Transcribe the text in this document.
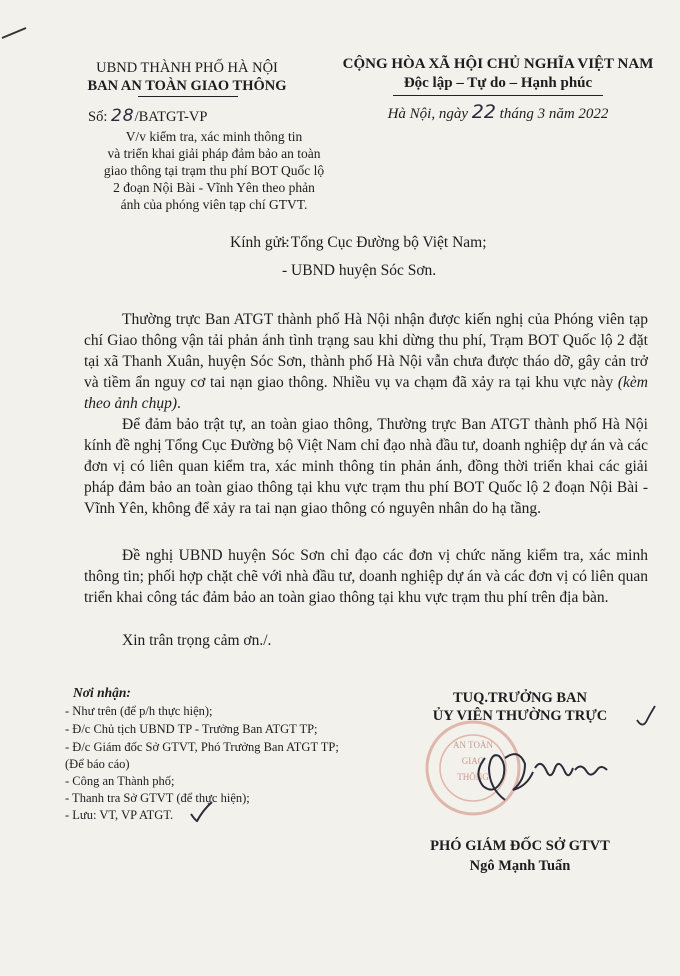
UBND THÀNH PHỐ HÀ NỘI
BAN AN TOÀN GIAO THÔNG
Số: 28/BATGT-VP
V/v kiểm tra, xác minh thông tin
và triển khai giải pháp đảm bảo an toàn
giao thông tại trạm thu phí BOT Quốc lộ
2 đoạn Nội Bài - Vĩnh Yên theo phản
ánh của phóng viên tạp chí GTVT.
CỘNG HÒA XÃ HỘI CHỦ NGHĨA VIỆT NAM
Độc lập – Tự do – Hạnh phúc
Hà Nội, ngày 22 tháng 3 năm 2022
Kính gửi:
- Tổng Cục Đường bộ Việt Nam;
- UBND huyện Sóc Sơn.
Thường trực Ban ATGT thành phố Hà Nội nhận được kiến nghị của Phóng viên tạp chí Giao thông vận tải phản ánh tình trạng sau khi dừng thu phí, Trạm BOT Quốc lộ 2 đặt tại xã Thanh Xuân, huyện Sóc Sơn, thành phố Hà Nội vẫn chưa được tháo dỡ, gây cản trở và tiềm ẩn nguy cơ tai nạn giao thông. Nhiều vụ va chạm đã xảy ra tại khu vực này (kèm theo ảnh chụp).
Để đảm bảo trật tự, an toàn giao thông, Thường trực Ban ATGT thành phố Hà Nội kính đề nghị Tổng Cục Đường bộ Việt Nam chỉ đạo nhà đầu tư, doanh nghiệp dự án và các đơn vị có liên quan kiểm tra, xác minh thông tin phản ánh, đồng thời triển khai các giải pháp đảm bảo an toàn giao thông tại khu vực trạm thu phí BOT Quốc lộ 2 đoạn Nội Bài - Vĩnh Yên, không để xảy ra tai nạn giao thông có nguyên nhân do hạ tầng.
Đề nghị UBND huyện Sóc Sơn chỉ đạo các đơn vị chức năng kiểm tra, xác minh thông tin; phối hợp chặt chẽ với nhà đầu tư, doanh nghiệp dự án và các đơn vị có liên quan triển khai công tác đảm bảo an toàn giao thông tại khu vực trạm thu phí trên địa bàn.
Xin trân trọng cảm ơn./.
Nơi nhận:
- Như trên (để p/h thực hiện);
- Đ/c Chủ tịch UBND TP - Trưởng Ban ATGT TP;
- Đ/c Giám đốc Sở GTVT, Phó Trưởng Ban ATGT TP;
(Để báo cáo)
- Công an Thành phố;
- Thanh tra Sở GTVT (để thực hiện);
- Lưu: VT, VP ATGT.
TUQ.TRƯỞNG BAN
ỦY VIÊN THƯỜNG TRỰC
AN TOÀN
GIAO
THÔNG
PHÓ GIÁM ĐỐC SỞ GTVT
Ngô Mạnh Tuấn
